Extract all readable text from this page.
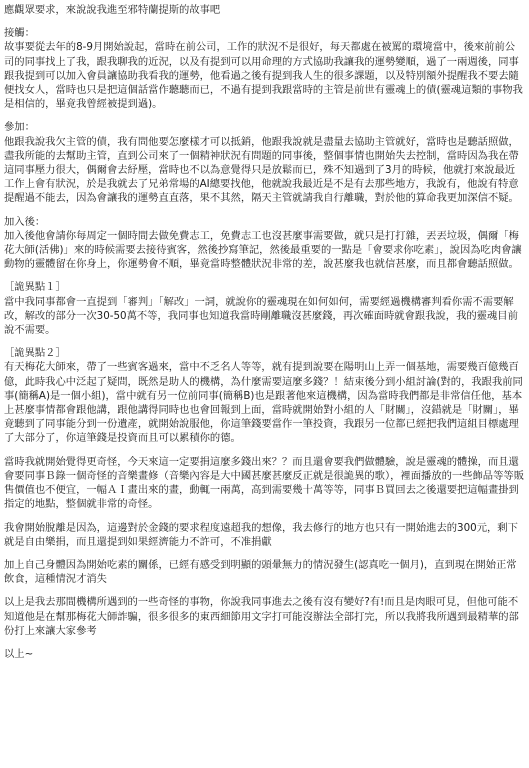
應觀眾要求，來說說我進至邪特蘭提斯的故事吧

接觸：
故事要從去年的8-9月開始說起，當時在前公司，工作的狀況不是很好，每天都處在被罵的環境當中，後來前前公司的同事找上了我，跟我聊我的近況，以及有提到可以用命理的方式協助我讓我的運勢變順，過了一兩週後，同事跟我提到可以加入會員讓協助我看我的運勢，他看過之後有提到我人生的很多課題，以及特別額外提醒我不要去隨便找女人，當時也只是把這個話當作聽聽而已，不過有提到我跟當時的主管是前世有靈魂上的債(靈魂這類的事物我是相信的，畢竟我曾經被提到過)。

參加：
他跟我說我欠主管的債，我有問他要怎麼樣才可以抵銷，他跟我說就是盡量去協助主管就好，當時也是聽話照做，盡我所能的去幫助主管，直到公司來了一個精神狀況有問題的同事後，整個事情也開始失去控制，當時因為我在帶這同事壓力很大，偶爾會去紓壓，當時也不以為意覺得只是放鬆而已，殊不知過到了3月的時候，他就打來說最近工作上會有狀況，於是我就去了兄弟常場的AI總要找他，他就說我最近是不是有去那些地方，我說有，他說有特意提醒過不能去，因為會讓我的運勢直直落，果不其然，隔天主管就請我自行離職，對於他的算命我更加深信不疑。

加入後：
加入後他會請你每周定一個時間去做免費志工，免費志工也沒甚麼事需要做，就只是打打雜，丟丟垃圾，偶爾「梅花大師(活佛)」來的時候需要去接待賓客，然後抄寫筆記，然後最重要的一點是「會要求你吃素」，說因為吃肉會讓動物的靈體留在你身上，你運勢會不順，畢竟當時整體狀況非常的差，說甚麼我也就信甚麼，而且都會聽話照做。

［詭異點１］
當中我同事都會一直提到「審判」「解改」一詞，就說你的靈魂現在如何如何，需要經過機構審判看你需不需要解改，解改的部分一次30-50萬不等，我同事也知道我當時剛離職沒甚麼錢，再次確面時就會跟我說，我的靈魂目前說不需要。

［詭異點２］
有天梅花大師來，帶了一些賓客過來，當中不乏名人等等，就有提到說要在陽明山上弄一個基地，需要幾百億幾百億，此時我心中泛起了疑問，既然是助人的機構，為什麼需要這麼多錢？！結束後分到小組討論(對的，我跟我前同事(簡稱A)是一個小組)，當中就有另一位前同事(簡稱B)也是跟著他來這機構，因為當時我們都是非常信任他，基本上甚麼事情都會跟他講，跟他講得同時也也會回報到上面，當時就開始對小組的人「財關」，沒錯就是「財關」，畢竟聽到了同事能分到一份遺產，就開始說服他，你這筆錢要當作一筆投資，我跟另一位都已經把我們這組目標處理了大部分了，你這筆錢是投資而且可以累積你的德。

當時我就開始覺得更奇怪，今天來這一定要捐這麼多錢出來？？而且還會要我們做體驗，說是靈魂的體操，而且還會要同事Ｂ錄一個奇怪的音樂畫修（音樂內容是大中國甚麼甚麼反正就是很詭異的歌），裡面播放的一些飾品等等販售價值也不便宜，一幅ＡＩ畫出來的畫，動輒一兩萬，高到需要幾十萬等等，同事Ｂ買回去之後還要把這幅畫掛到指定的地點，整個就非常的奇怪。

我會開始脫離是因為，這邊對於金錢的要求程度遠超我的想像，我去修行的地方也只有一開始進去的300元，剩下就是自由樂捐，而且還提到如果經濟能力不許可，不准捐獻

加上自己身體因為開始吃素的關係，已經有感受到明顯的頭暈無力的情況發生(認真吃一個月)，直到現在開始正常飲食，這種情況才消失

以上是我去那間機構所遇到的一些奇怪的事物，你說我同事進去之後有沒有變好?有!而且是肉眼可見，但他可能不知道他是在幫那梅花大師詐騙，很多很多的東西細節用文字打可能沒辦法全部打完，所以我將我所遇到最精華的部份打上來讓大家參考

以上~
